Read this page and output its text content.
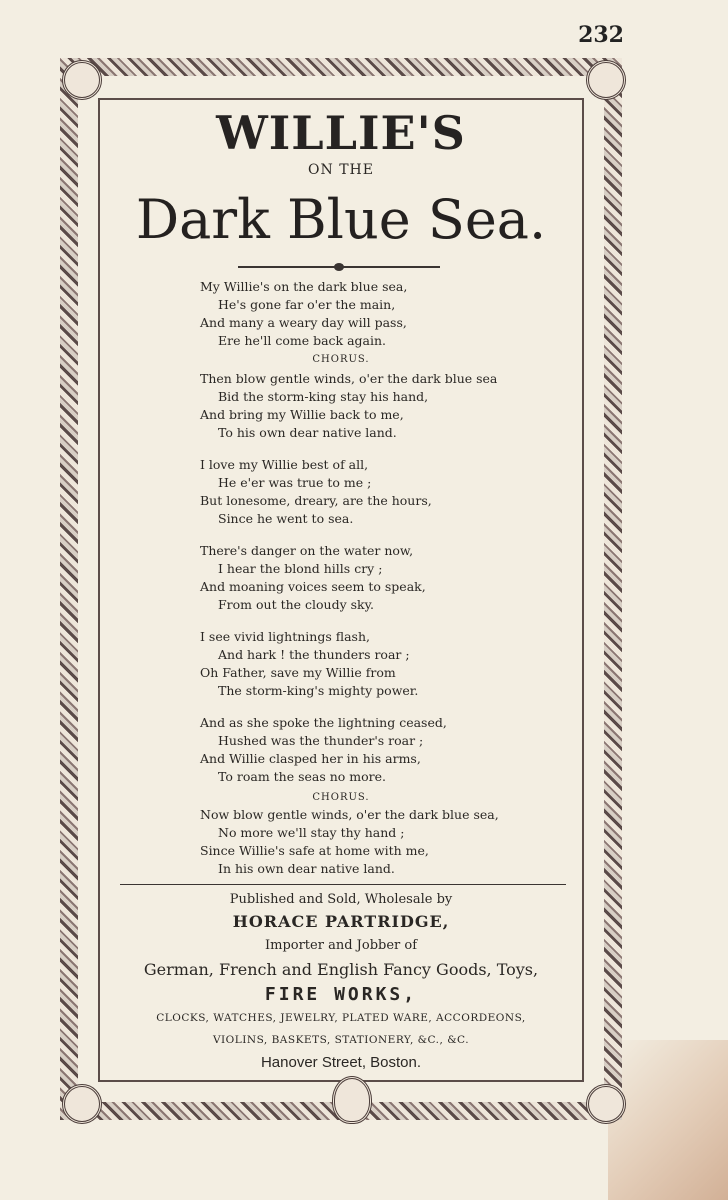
232
WILLIE'S
ON THE
Dark Blue Sea.
My Willie's on the dark blue sea,
He's gone far o'er the main,
And many a weary day will pass,
Ere he'll come back again.
CHORUS.
Then blow gentle winds, o'er the dark blue sea
Bid the storm-king stay his hand,
And bring my Willie back to me,
To his own dear native land.
I love my Willie best of all,
He e'er was true to me ;
But lonesome, dreary, are the hours,
Since he went to sea.
There's danger on the water now,
I hear the blond hills cry ;
And moaning voices seem to speak,
From out the cloudy sky.
I see vivid lightnings flash,
And hark ! the thunders roar ;
Oh Father, save my Willie from
The storm-king's mighty power.
And as she spoke the lightning ceased,
Hushed was the thunder's roar ;
And Willie clasped her in his arms,
To roam the seas no more.
CHORUS.
Now blow gentle winds, o'er the dark blue sea,
No more we'll stay thy hand ;
Since Willie's safe at home with me,
In his own dear native land.
Published and Sold, Wholesale by
HORACE PARTRIDGE,
Importer and Jobber of
German, French and English Fancy Goods, Toys,
FIRE WORKS,
CLOCKS, WATCHES, JEWELRY, PLATED WARE, ACCORDEONS,
VIOLINS, BASKETS, STATIONERY, &C., &C.
Hanover Street, Boston.
